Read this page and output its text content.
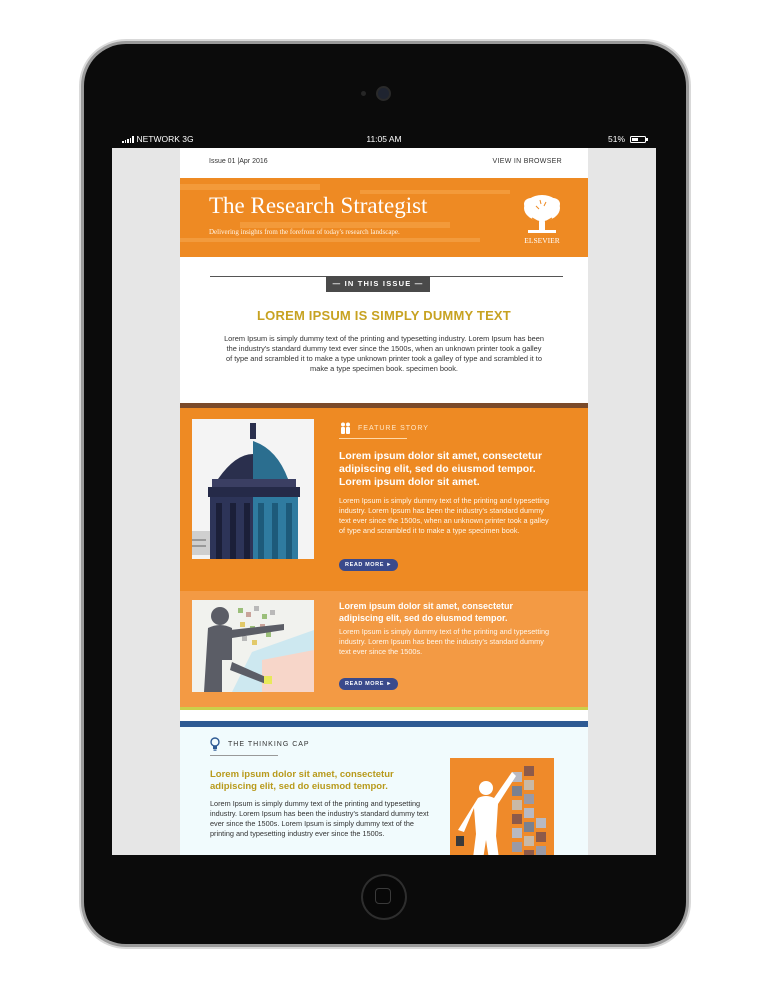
NETWORK 3G	11:05 AM	51%
Issue 01 |Apr 2016	VIEW IN BROWSER
The Research Strategist
Delivering insights from the forefront of today's research landscape.
ELSEVIER
— IN THIS ISSUE —
LOREM IPSUM IS SIMPLY DUMMY TEXT
Lorem Ipsum is simply dummy text of the printing and typesetting industry. Lorem Ipsum has been the industry's standard dummy text ever since the 1500s, when an unknown printer took a galley of type and scrambled it to make a type unknown printer took a galley of type and scrambled it to make a type specimen book. specimen book.
FEATURE STORY
Lorem ipsum dolor sit amet, consectetur adipiscing elit, sed do eiusmod tempor. Lorem ipsum dolor sit amet.
Lorem Ipsum is simply dummy text of the printing and typesetting industry. Lorem Ipsum has been the industry's standard dummy text ever since the 1500s, when an unknown printer took a galley of type and scrambled it to make a type specimen book.
READ MORE ►
Lorem ipsum dolor sit amet, consectetur adipiscing elit, sed do eiusmod tempor.
Lorem Ipsum is simply dummy text of the printing and typesetting industry. Lorem Ipsum has been the industry's standard dummy text ever since the 1500s.
READ MORE ►
THE THINKING CAP
Lorem ipsum dolor sit amet, consectetur adipiscing elit, sed do eiusmod tempor.
Lorem Ipsum is simply dummy text of the printing and typesetting industry. Lorem Ipsum has been the industry's standard dummy text ever since the 1500s. Lorem Ipsum is simply dummy text of the printing and typesetting industry ever since the 1500s.
